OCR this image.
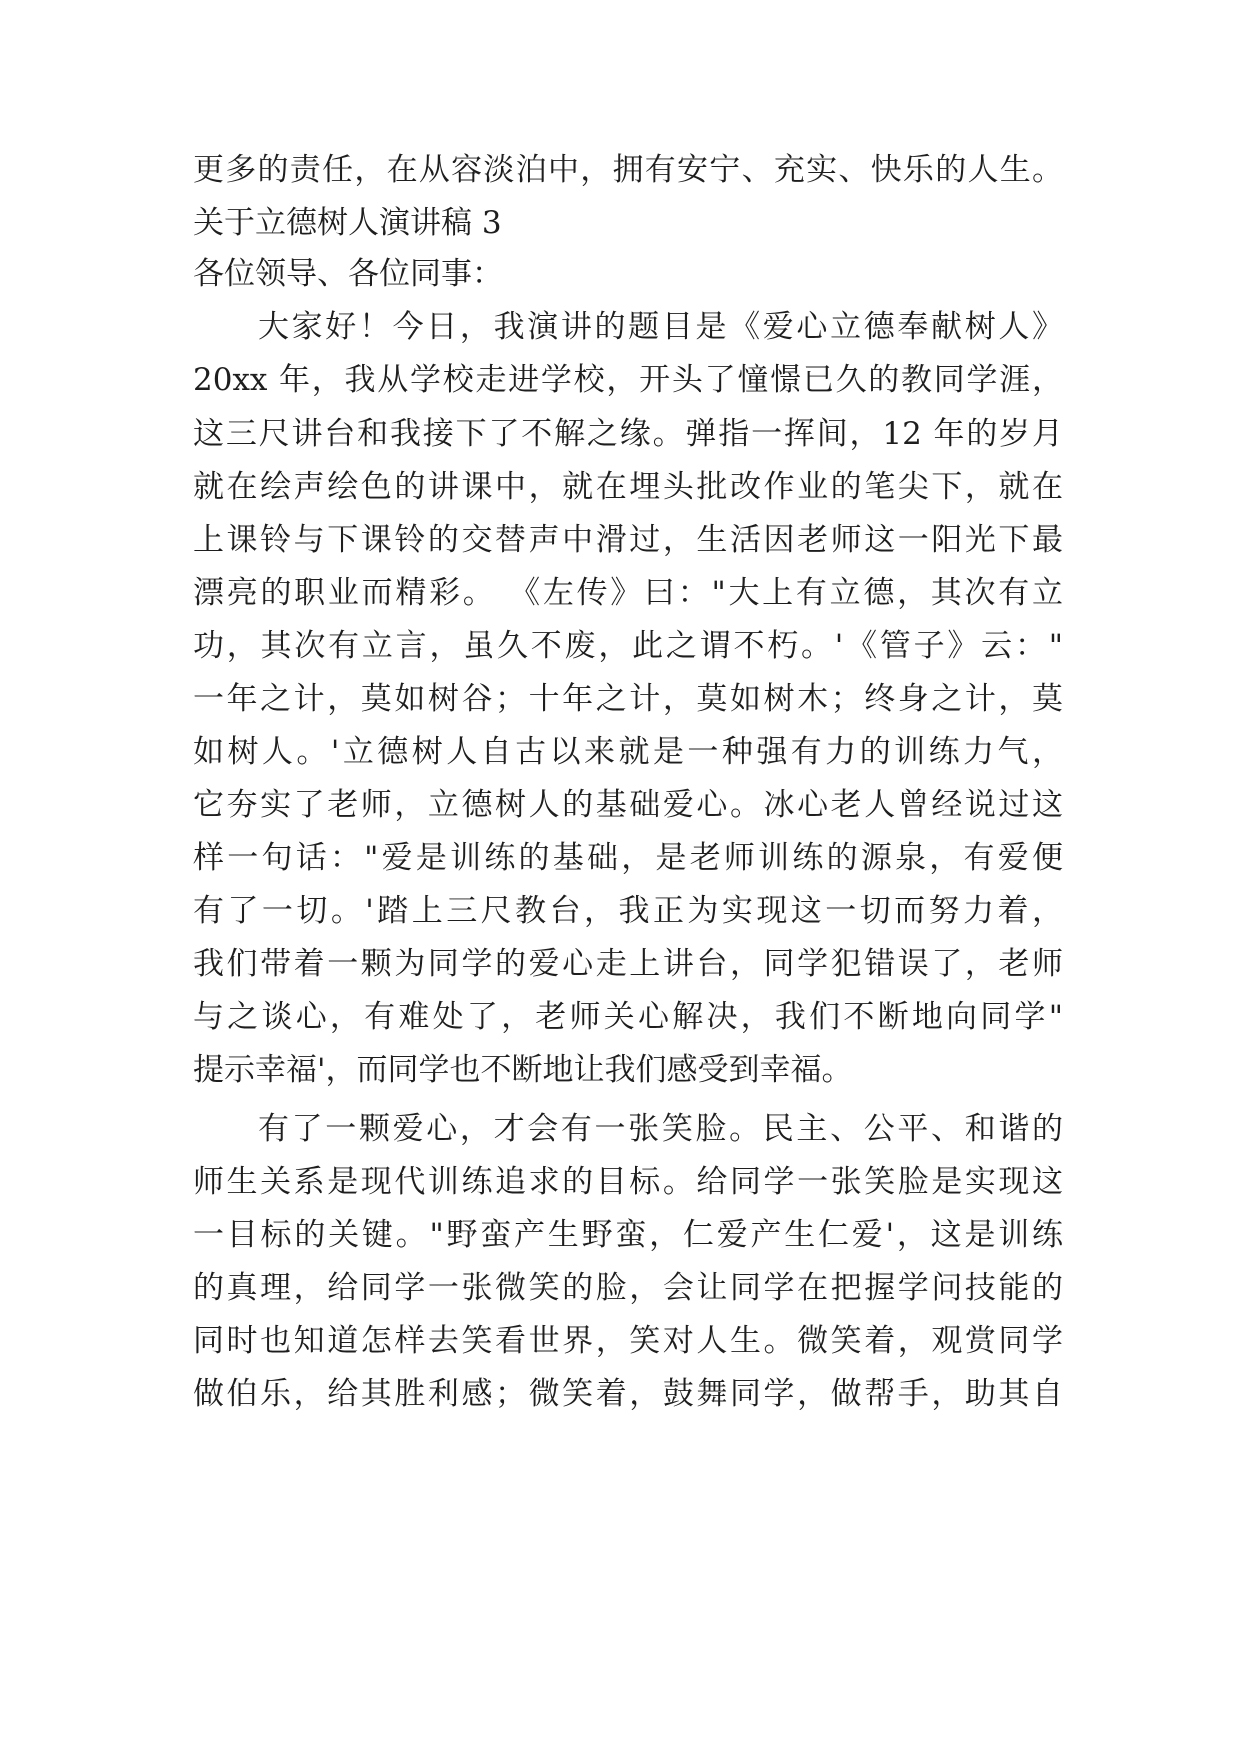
更多的责任，在从容淡泊中，拥有安宁、充实、快乐的人生。
关于立德树人演讲稿 3
各位领导、各位同事：
大家好！今日，我演讲的题目是《爱心立德奉献树人》
20xx 年，我从学校走进学校，开头了憧憬已久的教同学涯，
这三尺讲台和我接下了不解之缘。弹指一挥间，12 年的岁月
就在绘声绘色的讲课中，就在埋头批改作业的笔尖下，就在
上课铃与下课铃的交替声中滑过，生活因老师这一阳光下最
漂亮的职业而精彩。 《左传》曰："大上有立德，其次有立
功，其次有立言，虽久不废，此之谓不朽。'《管子》云："
一年之计，莫如树谷；十年之计，莫如树木；终身之计，莫
如树人。'立德树人自古以来就是一种强有力的训练力气，
它夯实了老师，立德树人的基础爱心。冰心老人曾经说过这
样一句话："爱是训练的基础，是老师训练的源泉，有爱便
有了一切。'踏上三尺教台，我正为实现这一切而努力着，
我们带着一颗为同学的爱心走上讲台，同学犯错误了，老师
与之谈心，有难处了，老师关心解决，我们不断地向同学"
提示幸福'，而同学也不断地让我们感受到幸福。
有了一颗爱心，才会有一张笑脸。民主、公平、和谐的
师生关系是现代训练追求的目标。给同学一张笑脸是实现这
一目标的关键。"野蛮产生野蛮，仁爱产生仁爱'，这是训练
的真理，给同学一张微笑的脸，会让同学在把握学问技能的
同时也知道怎样去笑看世界，笑对人生。微笑着，观赏同学
做伯乐，给其胜利感；微笑着，鼓舞同学，做帮手，助其自
